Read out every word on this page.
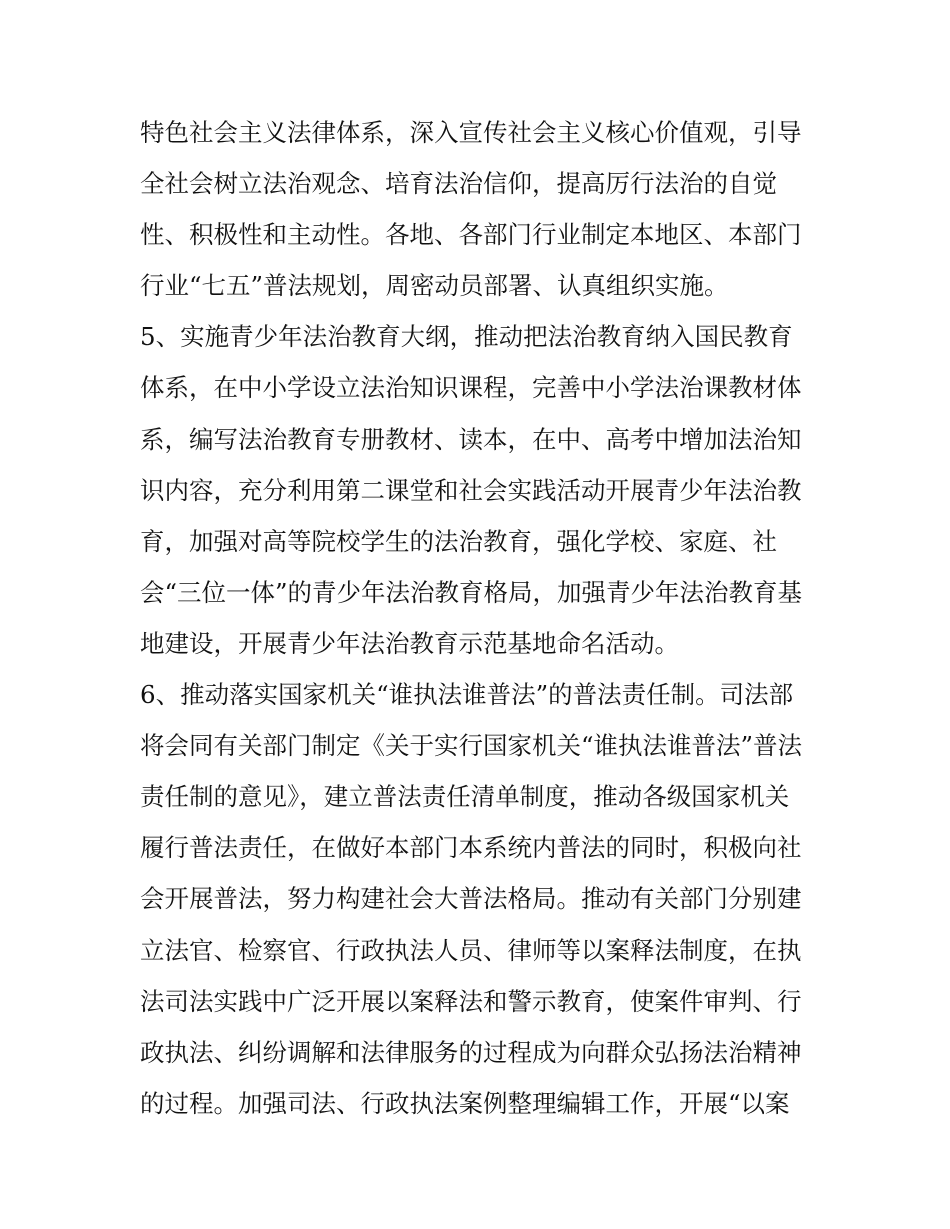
特色社会主义法律体系，深入宣传社会主义核心价值观，引导
全社会树立法治观念、培育法治信仰，提高厉行法治的自觉
性、积极性和主动性。各地、各部门行业制定本地区、本部门
行业“七五”普法规划，周密动员部署、认真组织实施。
5、实施青少年法治教育大纲，推动把法治教育纳入国民教育
体系，在中小学设立法治知识课程，完善中小学法治课教材体
系，编写法治教育专册教材、读本，在中、高考中增加法治知
识内容，充分利用第二课堂和社会实践活动开展青少年法治教
育，加强对高等院校学生的法治教育，强化学校、家庭、社
会“三位一体”的青少年法治教育格局，加强青少年法治教育基
地建设，开展青少年法治教育示范基地命名活动。
6、推动落实国家机关“谁执法谁普法”的普法责任制。司法部
将会同有关部门制定《关于实行国家机关“谁执法谁普法”普法
责任制的意见》，建立普法责任清单制度，推动各级国家机关
履行普法责任，在做好本部门本系统内普法的同时，积极向社
会开展普法，努力构建社会大普法格局。推动有关部门分别建
立法官、检察官、行政执法人员、律师等以案释法制度，在执
法司法实践中广泛开展以案释法和警示教育，使案件审判、行
政执法、纠纷调解和法律服务的过程成为向群众弘扬法治精神
的过程。加强司法、行政执法案例整理编辑工作，开展“以案
